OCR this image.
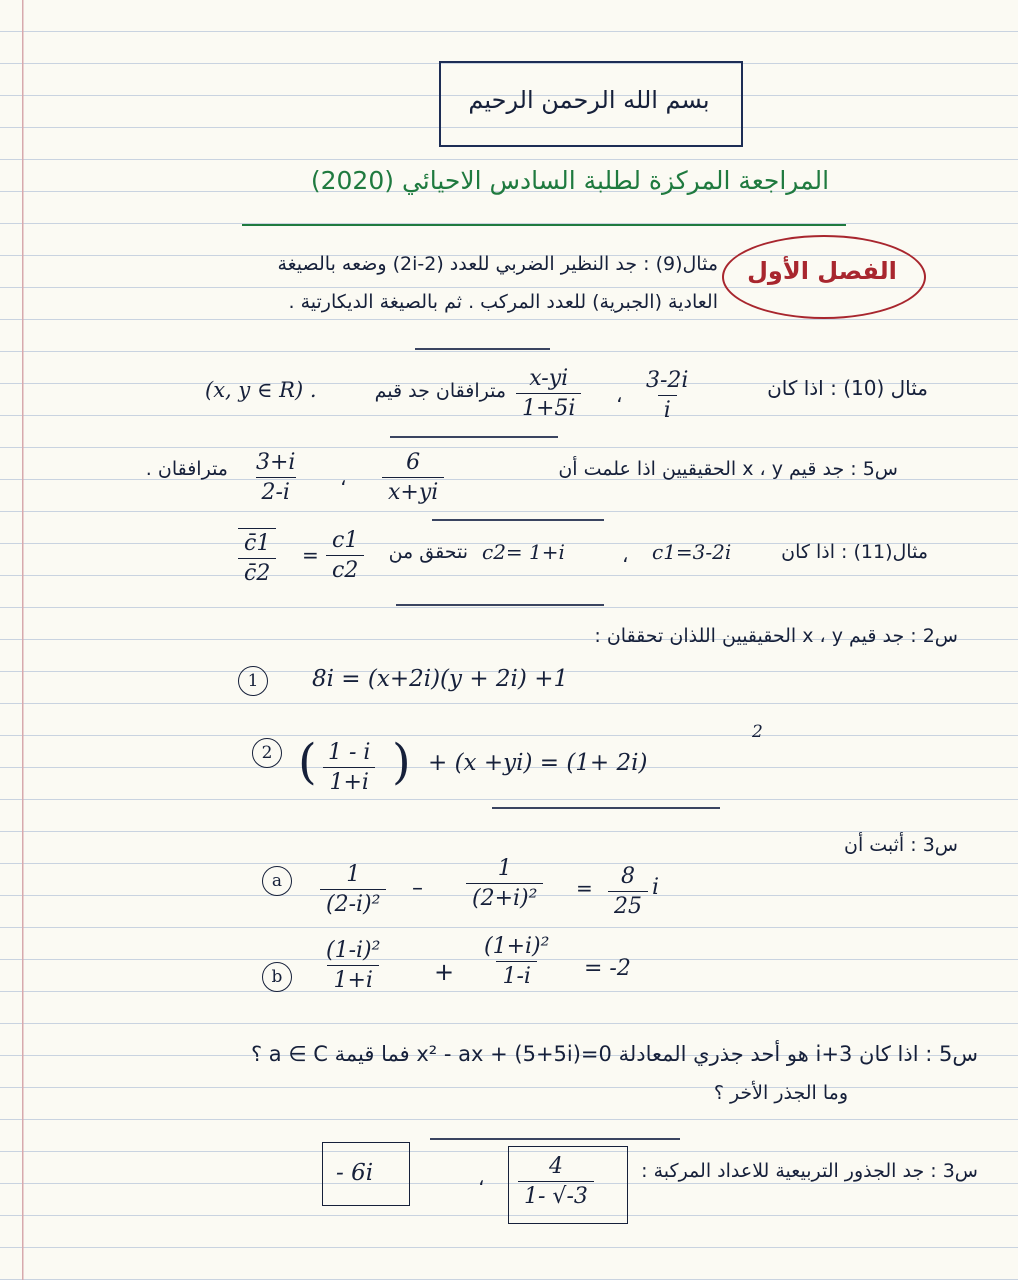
بسم الله الرحمن الرحيم
المراجعة المركزة لطلبة السادس الاحيائي (2020)
الفصل الأول
مثال(9) : جد النظير الضربي للعدد (2-2i) وضعه بالصيغة
العادية (الجبرية) للعدد المركب . ثم بالصيغة الديكارتية .
مثال (10) : اذا كان
$\frac{3-2i}{i}$
،
$\frac{x-yi}{1+5i}$
مترافقان جد قيم
(x, y ∈ R) .
س5 : جد قيم x ، y الحقيقيين اذا علمت أن
$\frac{6}{x+yi}$
،
$\frac{3+i}{2-i}$
مترافقان .
مثال(11) : اذا كان
c1=3-2i
،
c2= 1+i
نتحقق من
$\frac{c1}{c2}$
=
$\frac{c̄1}{c̄2}$
س2 : جد قيم x ، y الحقيقيين اللذان تحققان :
1	8i = (x+2i)(y + 2i) +1
2 ( $\frac{1 - i}{1+i}$ ) + (x +yi) = (1+ 2i)
2
س3 : أثبت أن
a	$\frac{1}{\text{(2-i)²}} - \frac{1}{\text{(2+i)²}} = \frac{8}{25}$ i
b	$\frac{\text{(1-i)²}}{1+i} + \frac{\text{(1+i)²}}{1-i} = -2$
س5 : اذا كان 3+i هو أحد جذري المعادلة x² - ax + (5+5i)=0 فما قيمة a ∈ C ؟
وما الجذر الأخر ؟
س3 : جد الجذور التربيعية للاعداد المركبة :
$\frac{4}{1- √-3}$
،
- 6i
